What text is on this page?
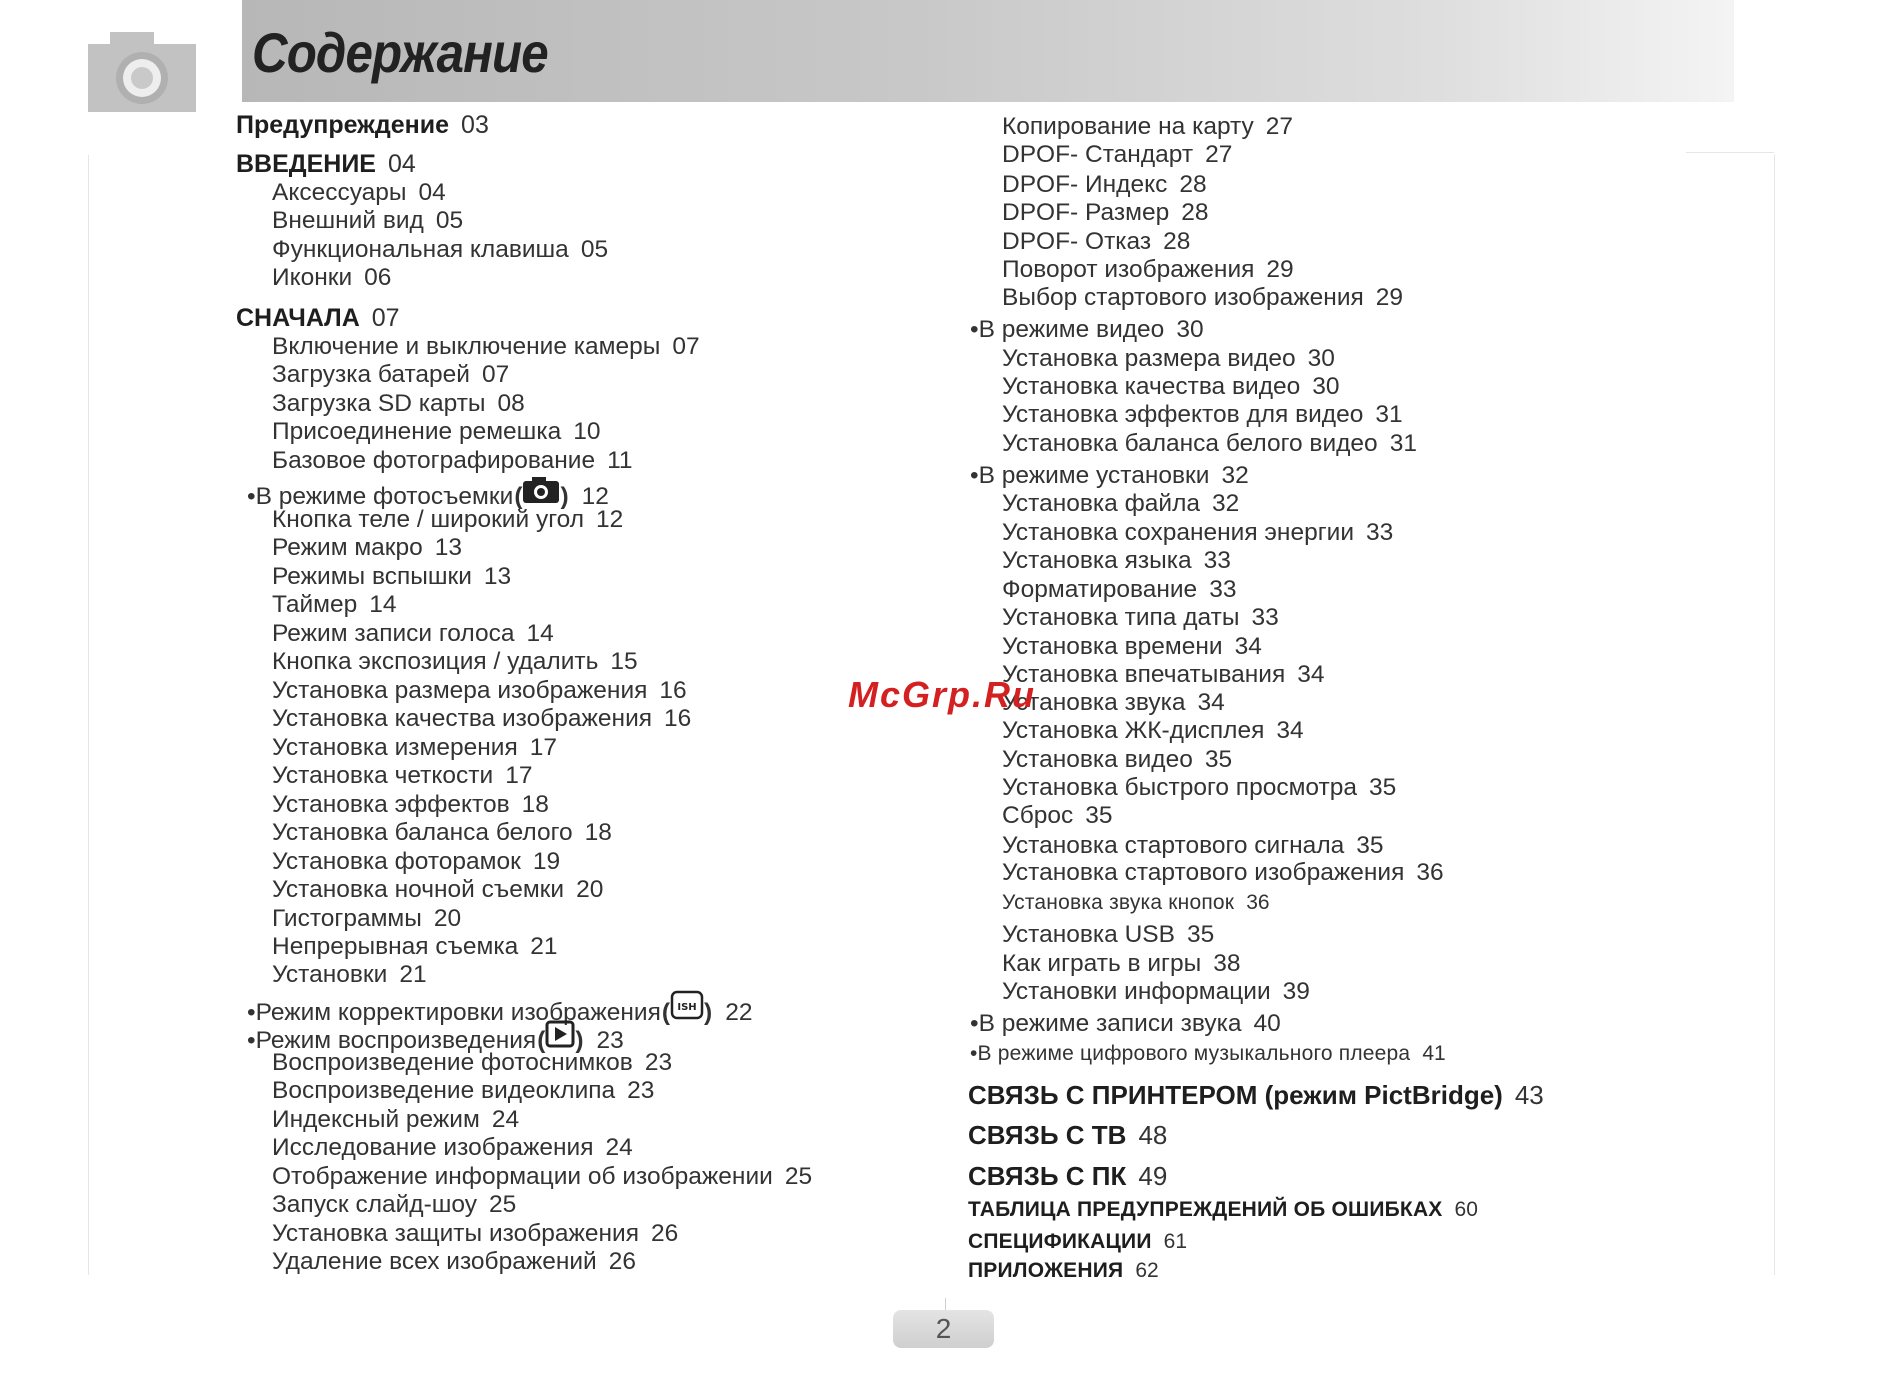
Содержание
Предупреждение 03
ВВЕДЕНИЕ 04
Аксессуары 04
Внешний вид 05
Функциональная клавиша 05
Иконки 06
СНАЧАЛА 07
Включение и выключение камеры 07
Загрузка батарей 07
Загрузка SD карты 08
Присоединение ремешка 10
Базовое фотографирование 11
•В режиме фотосъемки ( ) 12
Кнопка теле / широкий угол 12
Режим макро 13
Режимы вспышки 13
Таймер 14
Режим записи голоса 14
Кнопка экспозиция / удалить 15
Установка размера изображения 16
Установка качества изображения 16
Установка измерения 17
Установка четкости 17
Установка эффектов 18
Установка баланса белого 18
Установка фоторамок 19
Установка ночной съемки 20
Гистограммы 20
Непрерывная съемка 21
Установки 21
•Режим корректировки изображения ( ISH ) 22
•Режим воспроизведения ( ) 23
Воспроизведение фотоснимков 23
Воспроизведение видеоклипа 23
Индексный режим 24
Исследование изображения 24
Отображение информации об изображении 25
Запуск слайд-шоу 25
Установка защиты изображения 26
Удаление всех изображений 26
Копирование на карту 27
DPOF- Стандарт 27
DPOF- Индекс 28
DPOF- Размер 28
DPOF- Отказ 28
Поворот изображения 29
Выбор стартового изображения 29
•В режиме видео 30
Установка размера видео 30
Установка качества видео 30
Установка эффектов для видео 31
Установка баланса белого видео 31
•В режиме установки 32
Установка файла 32
Установка сохранения энергии 33
Установка языка 33
Форматирование 33
Установка типа даты 33
Установка времени 34
Установка впечатывания 34
Установка звука 34
Установка ЖК-дисплея 34
Установка видео 35
Установка быстрого просмотра 35
Сброс 35
Установка стартового сигнала 35
Установка стартового изображения 36
Установка звука кнопок 36
Установка USB 35
Как играть в игры 38
Установки информации 39
•В режиме записи звука 40
•В режиме цифрового музыкального плеера 41
СВЯЗЬ С ПРИНТЕРОМ (режим PictBridge) 43
СВЯЗЬ С ТВ 48
СВЯЗЬ С ПК 49
ТАБЛИЦА ПРЕДУПРЕЖДЕНИЙ ОБ ОШИБКАХ 60
СПЕЦИФИКАЦИИ 61
ПРИЛОЖЕНИЯ 62
McGrp.Ru
2
